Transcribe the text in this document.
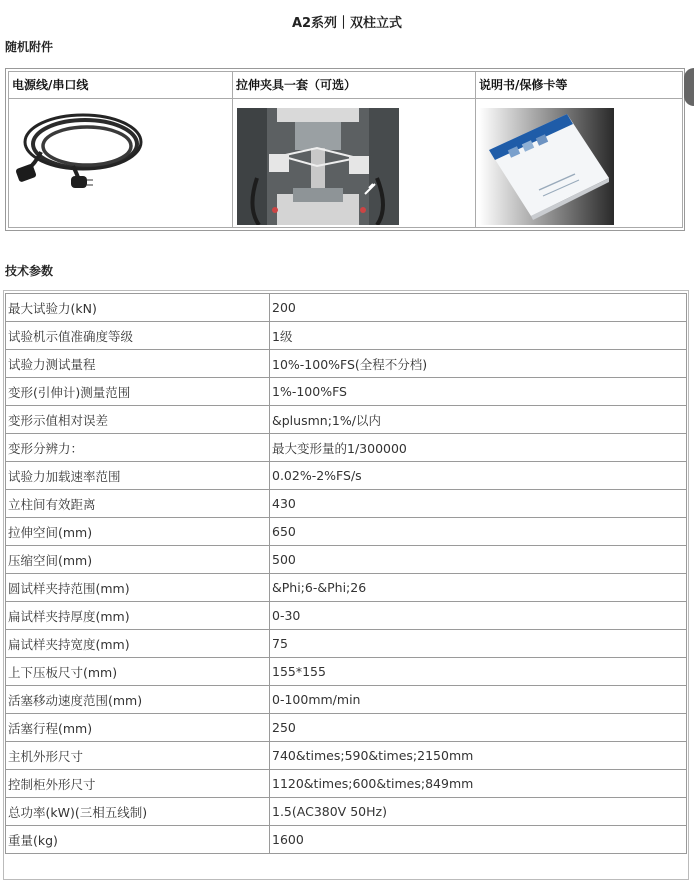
A2系列｜双柱立式
随机附件
电源线/串口线	拉伸夹具一套（可选）	说明书/保修卡等
技术参数
最大试验力(kN)	200
试验机示值准确度等级	1级
试验力测试量程	10%-100%FS(全程不分档)
变形(引伸计)测量范围	1%-100%FS
变形示值相对误差	&plusmn;1%/以内
变形分辨力：	最大变形量的1/300000
试验力加载速率范围	0.02%-2%FS/s
立柱间有效距离	430
拉伸空间(mm)	650
压缩空间(mm)	500
圆试样夹持范围(mm)	&Phi;6-&Phi;26
扁试样夹持厚度(mm)	0-30
扁试样夹持宽度(mm)	75
上下压板尺寸(mm)	155*155
活塞移动速度范围(mm)	0-100mm/min
活塞行程(mm)	250
主机外形尺寸	740&times;590&times;2150mm
控制柜外形尺寸	1120&times;600&times;849mm
总功率(kW)(三相五线制)	1.5(AC380V 50Hz)
重量(kg)	1600
